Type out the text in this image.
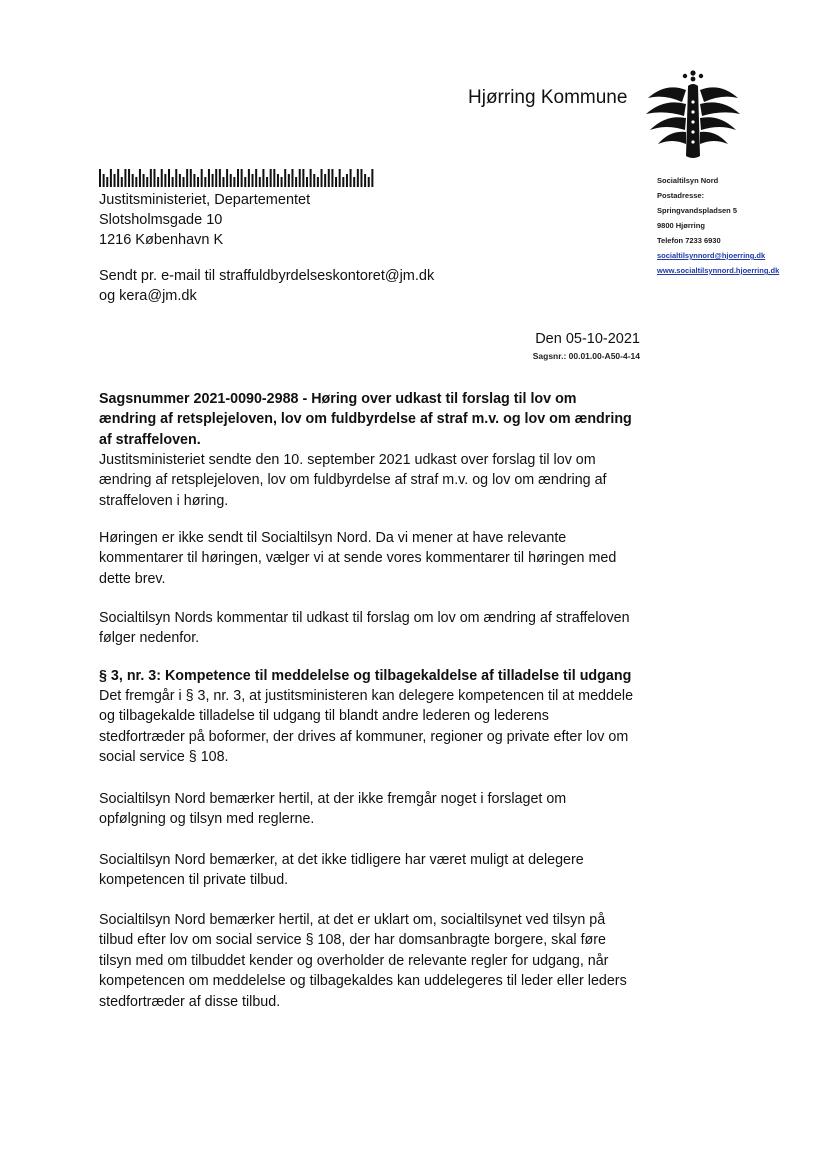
Hjørring Kommune
Justitsministeriet, Departementet
Slotsholmsgade 10
1216 København K
Sendt pr. e-mail til straffuldbyrdelseskontoret@jm.dk
og kera@jm.dk
Socialtilsyn Nord
Postadresse:
Springvandspladsen 5
9800 Hjørring
Telefon 7233 6930
socialtilsynnord@hjoerring.dk
www.socialtilsynnord.hjoerring.dk
Den 05-10-2021
Sagsnr.: 00.01.00-A50-4-14
Sagsnummer 2021-0090-2988 - Høring over udkast til forslag til lov om
ændring af retsplejeloven, lov om fuldbyrdelse af straf m.v. og lov om ændring
af straffeloven.
Justitsministeriet sendte den 10. september 2021 udkast over forslag til lov om
ændring af retsplejeloven, lov om fuldbyrdelse af straf m.v. og lov om ændring af
straffeloven i høring.
Høringen er ikke sendt til Socialtilsyn Nord. Da vi mener at have relevante
kommentarer til høringen, vælger vi at sende vores kommentarer til høringen med
dette brev.
Socialtilsyn Nords kommentar til udkast til forslag om lov om ændring af straffeloven
følger nedenfor.
§ 3, nr. 3: Kompetence til meddelelse og tilbagekaldelse af tilladelse til udgang
Det fremgår i § 3, nr. 3, at justitsministeren kan delegere kompetencen til at meddele
og tilbagekalde tilladelse til udgang til blandt andre lederen og lederens
stedfortræder på boformer, der drives af kommuner, regioner og private efter lov om
social service § 108.
Socialtilsyn Nord bemærker hertil, at der ikke fremgår noget i forslaget om
opfølgning og tilsyn med reglerne.
Socialtilsyn Nord bemærker, at det ikke tidligere har været muligt at delegere
kompetencen til private tilbud.
Socialtilsyn Nord bemærker hertil, at det er uklart om, socialtilsynet ved tilsyn på
tilbud efter lov om social service § 108, der har domsanbragte borgere, skal føre
tilsyn med om tilbuddet kender og overholder de relevante regler for udgang, når
kompetencen om meddelelse og tilbagekaldes kan uddelegeres til leder eller leders
stedfortræder af disse tilbud.
